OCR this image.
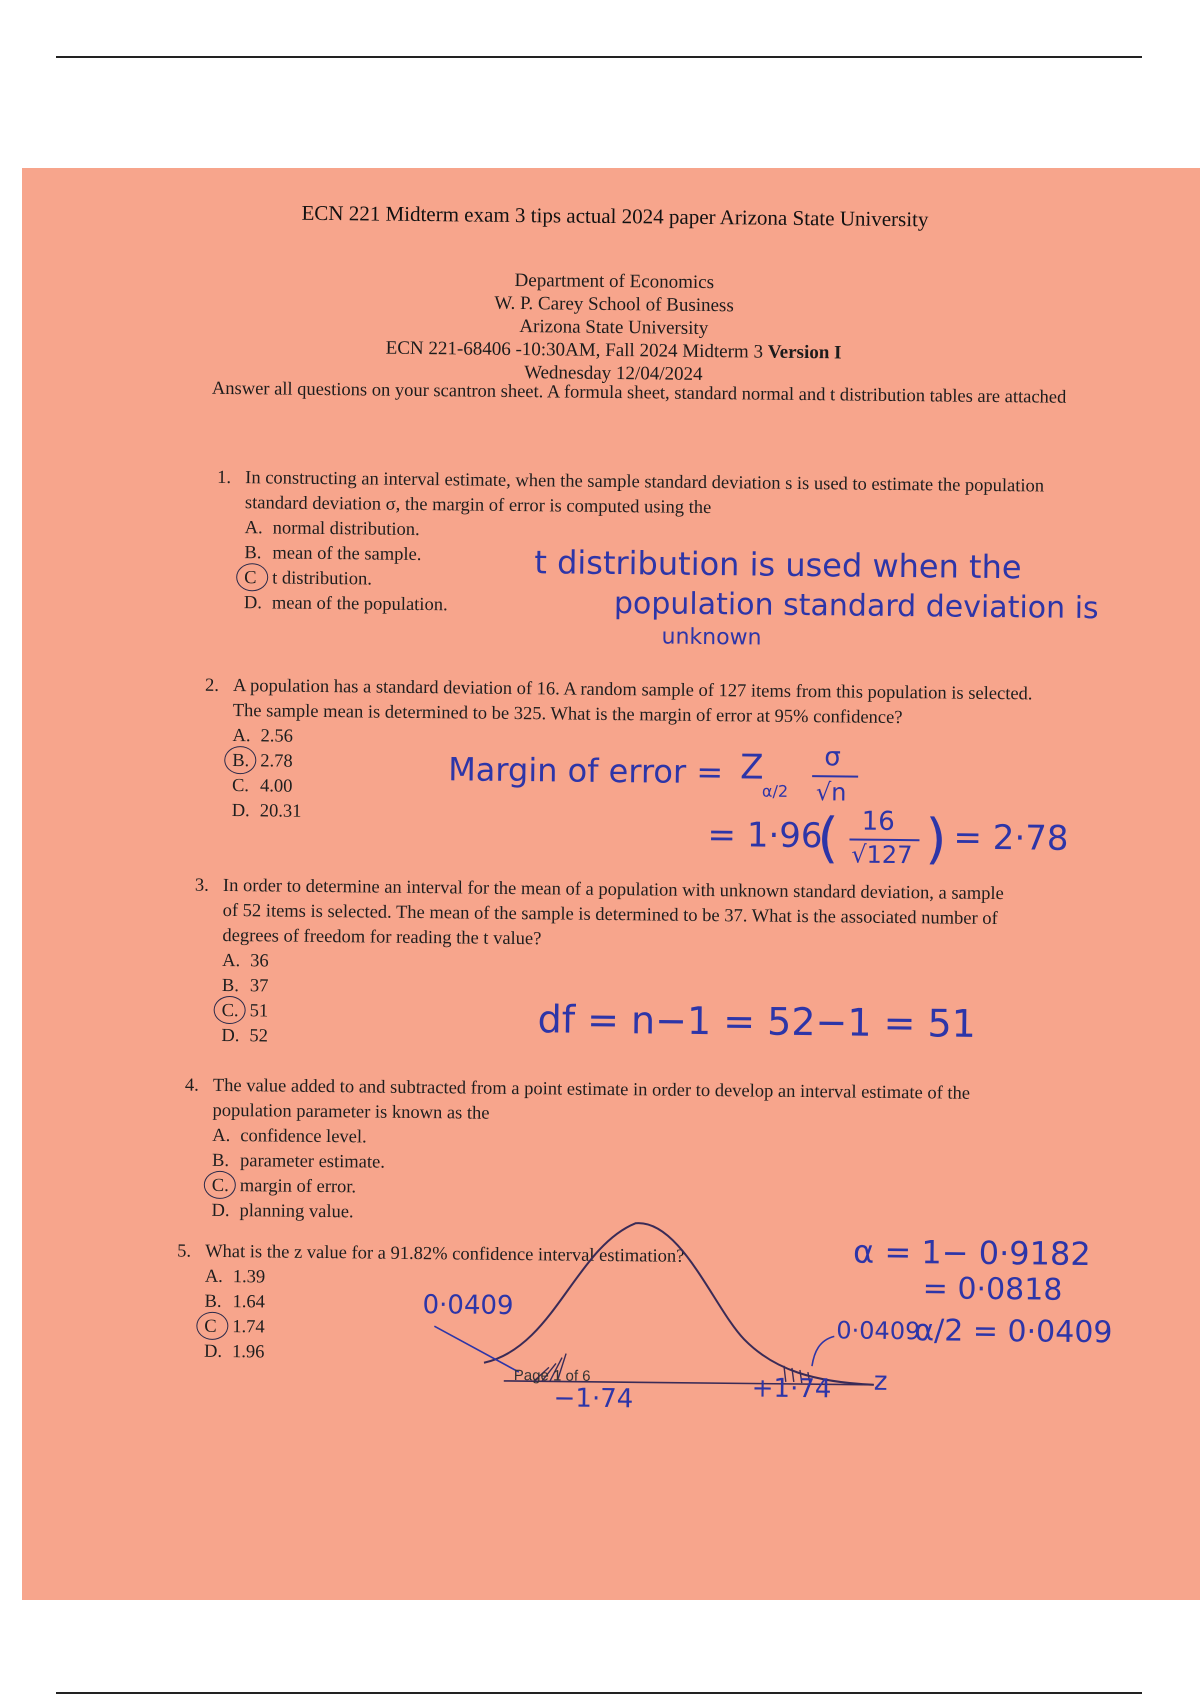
ECN 221 Midterm exam 3 tips actual 2024 paper Arizona State University
Department of Economics
W. P. Carey School of Business
Arizona State University
ECN 221-68406 -10:30AM, Fall 2024 Midterm 3 Version I
Wednesday 12/04/2024
Answer all questions on your scantron sheet. A formula sheet, standard normal and t distribution tables are attached
1. In constructing an interval estimate, when the sample standard deviation s is used to estimate the population standard deviation σ, the margin of error is computed using the
A. normal distribution.
B. mean of the sample.
C t distribution.
D. mean of the population.
t distribution is used when the
population standard deviation is
unknown
2. A population has a standard deviation of 16. A random sample of 127 items from this population is selected. The sample mean is determined to be 325. What is the margin of error at 95% confidence?
A. 2.56
B. 2.78
C. 4.00
D. 20.31
Margin of error = Z
α/2
σ
√n
= 1·96
( 16
√127 ) = 2·78
3. In order to determine an interval for the mean of a population with unknown standard deviation, a sample of 52 items is selected. The mean of the sample is determined to be 37. What is the associated number of degrees of freedom for reading the t value?
A. 36
B. 37
C. 51
D. 52	df = n−1 = 52−1 = 51
4. The value added to and subtracted from a point estimate in order to develop an interval estimate of the population parameter is known as the
A. confidence level.
B. parameter estimate.
C. margin of error.
D. planning value.
5. What is the z value for a 91.82% confidence interval estimation?
A. 1.39
B. 1.64
C 1.74
D. 1.96
α = 1− 0·9182
= 0·0818
α/2 = 0·0409
0·0409
0·0409
−1·74	+1·74 z
Page 1 of 6
